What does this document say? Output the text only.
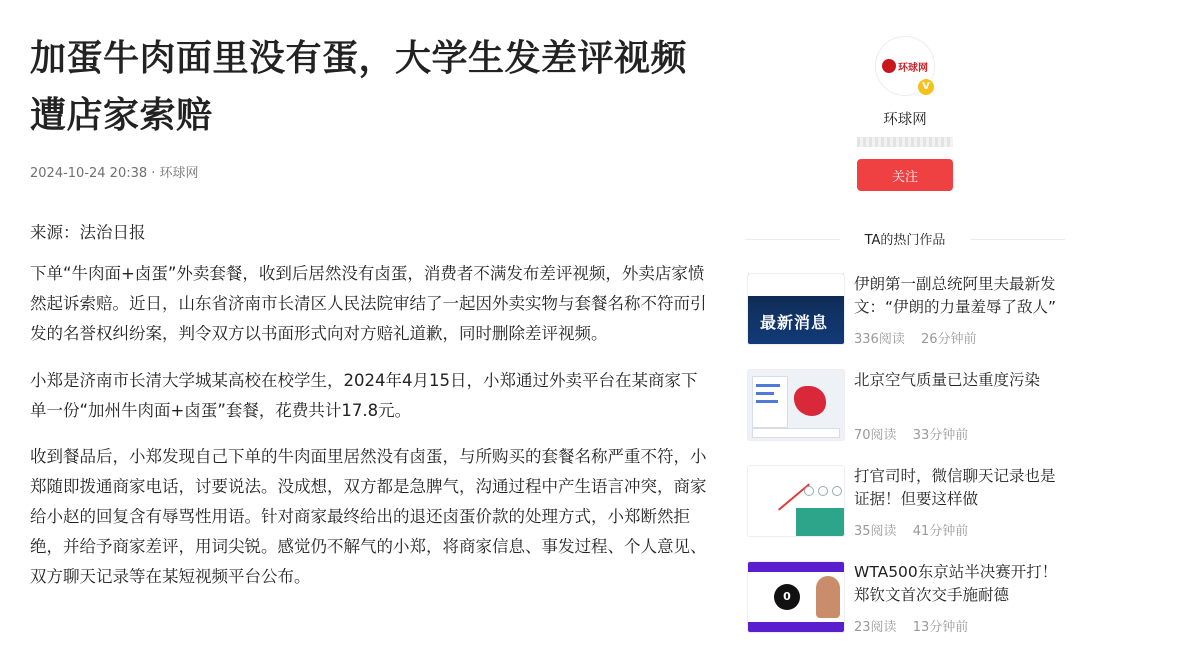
加蛋牛肉面里没有蛋，大学生发差评视频遭店家索赔
2024-10-24 20:38 · 环球网
来源：法治日报

下单“牛肉面+卤蛋”外卖套餐，收到后居然没有卤蛋，消费者不满发布差评视频，外卖店家愤然起诉索赔。近日，山东省济南市长清区人民法院审结了一起因外卖实物与套餐名称不符而引发的名誉权纠纷案，判令双方以书面形式向对方赔礼道歉，同时删除差评视频。

小郑是济南市长清大学城某高校在校学生，2024年4月15日，小郑通过外卖平台在某商家下单一份“加州牛肉面+卤蛋”套餐，花费共计17.8元。

收到餐品后，小郑发现自己下单的牛肉面里居然没有卤蛋，与所购买的套餐名称严重不符，小郑随即拨通商家电话，讨要说法。没成想，双方都是急脾气，沟通过程中产生语言冲突，商家给小赵的回复含有辱骂性用语。针对商家最终给出的退还卤蛋价款的处理方式，小郑断然拒绝，并给予商家差评，用词尖锐。感觉仍不解气的小郑，将商家信息、事发过程、个人意见、双方聊天记录等在某短视频平台公布。

环球网
V
环球网
关注
TA的热门作品
最新消息
伊朗第一副总统阿里夫最新发文：“伊朗的力量羞辱了敌人”
336阅读 26分钟前
北京空气质量已达重度污染
70阅读 33分钟前
打官司时，微信聊天记录也是证据！但要这样做
35阅读 41分钟前
0
WTA500东京站半决赛开打！郑钦文首次交手施耐德
23阅读 13分钟前
